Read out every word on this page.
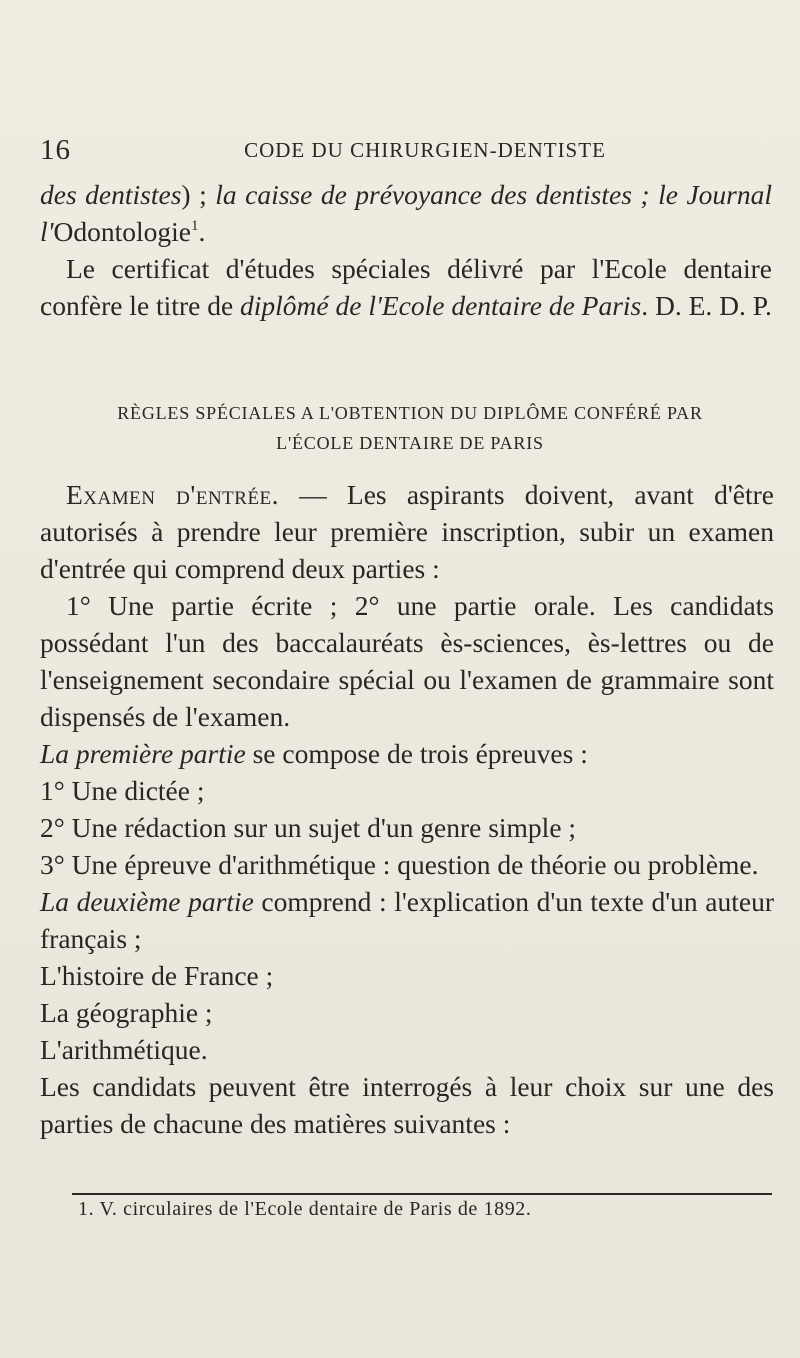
16	CODE DU CHIRURGIEN-DENTISTE

des dentistes) ; la caisse de prévoyance des dentistes ; le Journal l'Odontologie$^1$.

Le certificat d'études spéciales délivré par l'Ecole dentaire confère le titre de diplômé de l'Ecole dentaire de Paris. D. E. D. P.

RÈGLES SPÉCIALES A L'OBTENTION DU DIPLÔME CONFÉRÉ PAR
L'ÉCOLE DENTAIRE DE PARIS

Examen d'entrée. — Les aspirants doivent, avant d'être autorisés à prendre leur première inscription, subir un examen d'entrée qui comprend deux parties :

1° Une partie écrite ; 2° une partie orale. Les candidats possédant l'un des baccalauréats ès-sciences, ès-lettres ou de l'enseignement secondaire spécial ou l'examen de grammaire sont dispensés de l'examen.

La première partie se compose de trois épreuves :

1° Une dictée ;

2° Une rédaction sur un sujet d'un genre simple ;

3° Une épreuve d'arithmétique : question de théorie ou problème.

La deuxième partie comprend : l'explication d'un texte d'un auteur français ;

L'histoire de France ;

La géographie ;

L'arithmétique.

Les candidats peuvent être interrogés à leur choix sur une des parties de chacune des matières suivantes :

1. V. circulaires de l'Ecole dentaire de Paris de 1892.
